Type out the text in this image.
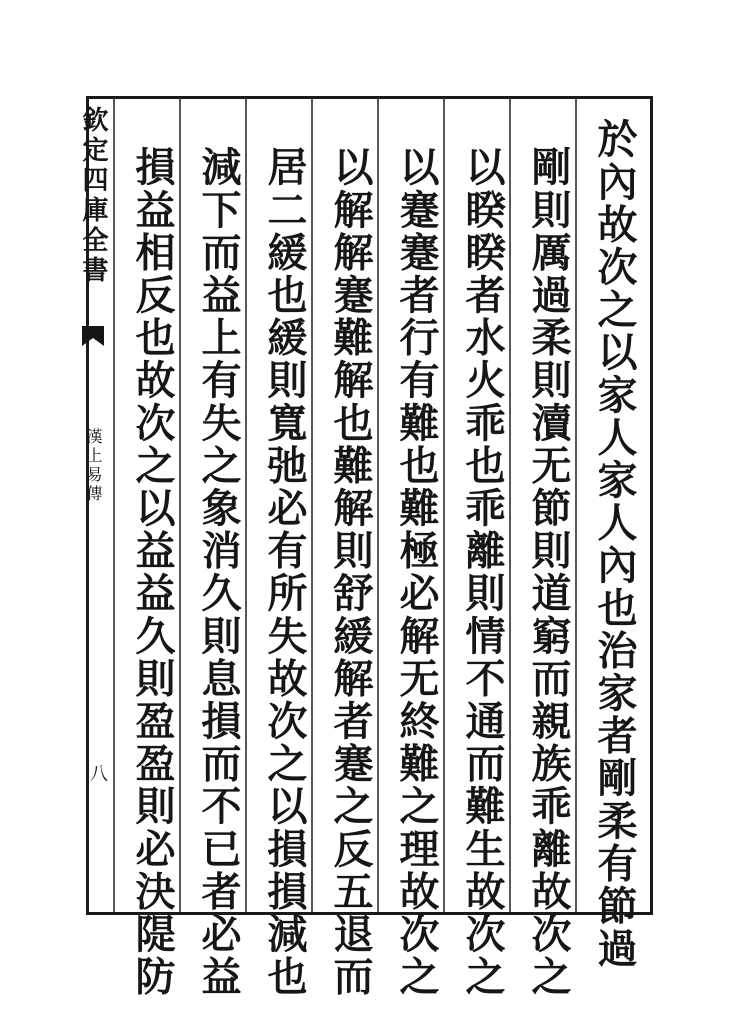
欽定四庫全書
漢上易傳
八	於內故次之以家人家人內也治家者剛柔有節過
剛則厲過柔則瀆无節則道窮而親族乖離故次之
以睽睽者水火乖也乖離則情不通而難生故次之
以蹇蹇者行有難也難極必解无終難之理故次之
以解解蹇難解也難解則舒緩解者蹇之反五退而
居二緩也緩則寬弛必有所失故次之以損損減也
減下而益上有失之象消久則息損而不已者必益
損益相反也故次之以益益久則盈盈則必決隄防
